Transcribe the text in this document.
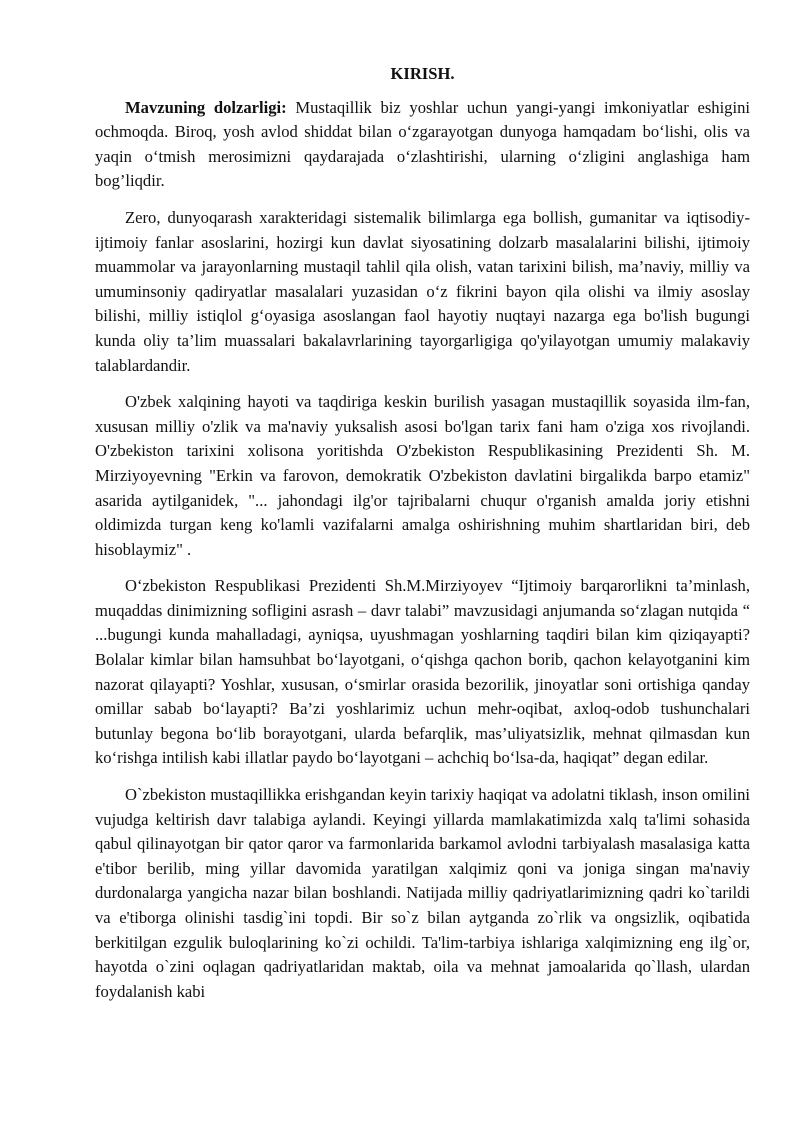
KIRISH.

Mavzuning dolzarligi: Mustaqillik biz yoshlar uchun yangi-yangi imkoniyatlar eshigini ochmoqda. Biroq, yosh avlod shiddat bilan o‘zgarayotgan dunyoga hamqadam bo‘lishi, olis va yaqin o‘tmish merosimizni qaydarajada o‘zlashtirishi, ularning o‘zligini anglashiga ham bog’liqdir.

Zero, dunyoqarash xarakteridagi sistemalik bilimlarga ega bollish, gumanitar va iqtisodiy-ijtimoiy fanlar asoslarini, hozirgi kun davlat siyosatining dolzarb masalalarini bilishi, ijtimoiy muammolar va jarayonlarning mustaqil tahlil qila olish, vatan tarixini bilish, ma’naviy, milliy va umuminsoniy qadiryatlar masalalari yuzasidan o‘z fikrini bayon qila olishi va ilmiy asoslay bilishi, milliy istiqlol g‘oyasiga asoslangan faol hayotiy nuqtayi nazarga ega bo'lish bugungi kunda oliy ta’lim muassalari bakalavrlarining tayorgarligiga qo'yilayotgan umumiy malakaviy talablardandir.

O'zbek xalqining hayoti va taqdiriga keskin burilish yasagan mustaqillik soyasida ilm-fan, xususan milliy o'zlik va ma'naviy yuksalish asosi bo'lgan tarix fani ham o'ziga xos rivojlandi. O'zbekiston tarixini xolisona yoritishda O'zbekiston Respublikasining Prezidenti Sh. M. Mirziyoyevning "Erkin va farovon, demokratik O'zbekiston davlatini birgalikda barpo etamiz" asarida aytilganidek, "... jahondagi ilg'or tajribalarni chuqur o'rganish amalda joriy etishni oldimizda turgan keng ko'lamli vazifalarni amalga oshirishning muhim shartlaridan biri, deb hisoblaymiz" .

O‘zbekiston Respublikasi Prezidenti Sh.M.Mirziyoyev “Ijtimoiy barqarorlikni ta’minlash, muqaddas dinimizning sofligini asrash – davr talabi” mavzusidagi anjumanda so‘zlagan nutqida “ ...bugungi kunda mahalladagi, ayniqsa, uyushmagan yoshlarning taqdiri bilan kim qiziqayapti? Bolalar kimlar bilan hamsuhbat bo‘layotgani, o‘qishga qachon borib, qachon kelayotganini kim nazorat qilayapti? Yoshlar, xususan, o‘smirlar orasida bezorilik, jinoyatlar soni ortishiga qanday omillar sabab bo‘layapti? Ba’zi yoshlarimiz uchun mehr-oqibat, axloq-odob tushunchalari butunlay begona bo‘lib borayotgani, ularda befarqlik, mas’uliyatsizlik, mehnat qilmasdan kun ko‘rishga intilish kabi illatlar paydo bo‘layotgani – achchiq bo‘lsa-da, haqiqat” degan edilar.

O`zbekiston mustaqillikka erishgandan keyin tarixiy haqiqat va adolatni tiklash, inson omilini vujudga keltirish davr talabiga aylandi. Keyingi yillarda mamlakatimizda xalq ta'limi sohasida qabul qilinayotgan bir qator qaror va farmonlarida barkamol avlodni tarbiyalash masalasiga katta e'tibor berilib, ming yillar davomida yaratilgan xalqimiz qoni va joniga singan ma'naviy durdonalarga yangicha nazar bilan boshlandi. Natijada milliy qadriyatlarimizning qadri ko`tarildi va e'tiborga olinishi tasdig`ini topdi. Bir so`z bilan aytganda zo`rlik va ongsizlik, oqibatida berkitilgan ezgulik buloqlarining ko`zi ochildi. Ta'lim-tarbiya ishlariga xalqimizning eng ilg`or, hayotda o`zini oqlagan qadriyatlaridan maktab, oila va mehnat jamoalarida qo`llash, ulardan foydalanish kabi
